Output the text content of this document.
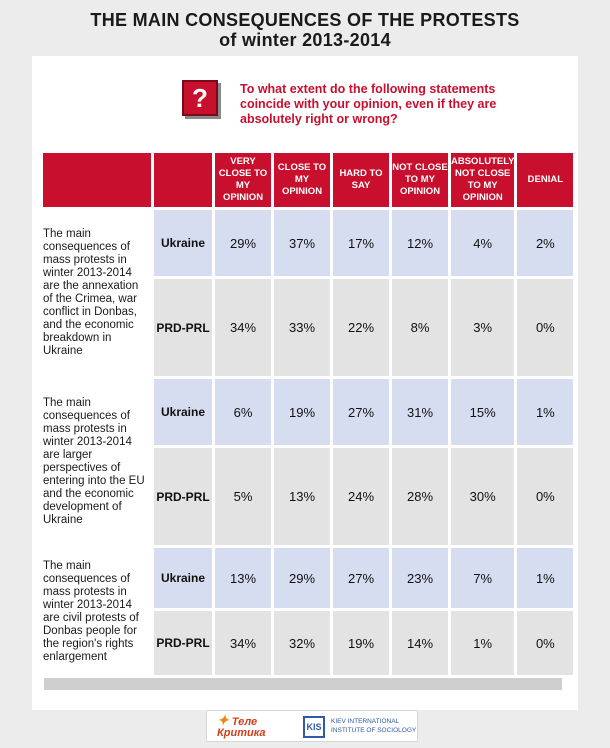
THE MAIN CONSEQUENCES OF THE PROTESTS
of winter 2013-2014
?	To what extent do the following statements coincide with your opinion, even if they are absolutely right or wrong?
		VERY CLOSE TO MY OPINION	CLOSE TO MY OPINION	HARD TO SAY	NOT CLOSE TO MY OPINION	ABSOLUTELY NOT CLOSE TO MY OPINION	DENIAL
The main consequences of mass protests in winter 2013-2014 are the annexation of the Crimea, war conflict in Donbas, and the economic breakdown in Ukraine	Ukraine	29%	37%	17%	12%	4%	2%
	PRD-PRL	34%	33%	22%	8%	3%	0%
The main consequences of mass protests in winter 2013-2014 are larger perspectives of entering into the EU and the economic development of Ukraine	Ukraine	6%	19%	27%	31%	15%	1%
	PRD-PRL	5%	13%	24%	28%	30%	0%
The main consequences of mass protests in winter 2013-2014 are civil protests of Donbas people for the region's rights enlargement	Ukraine	13%	29%	27%	23%	7%	1%
	PRD-PRL	34%	32%	19%	14%	1%	0%
✦ Теле Критика	KIS
KIEV INTERNATIONAL INSTITUTE OF SOCIOLOGY
